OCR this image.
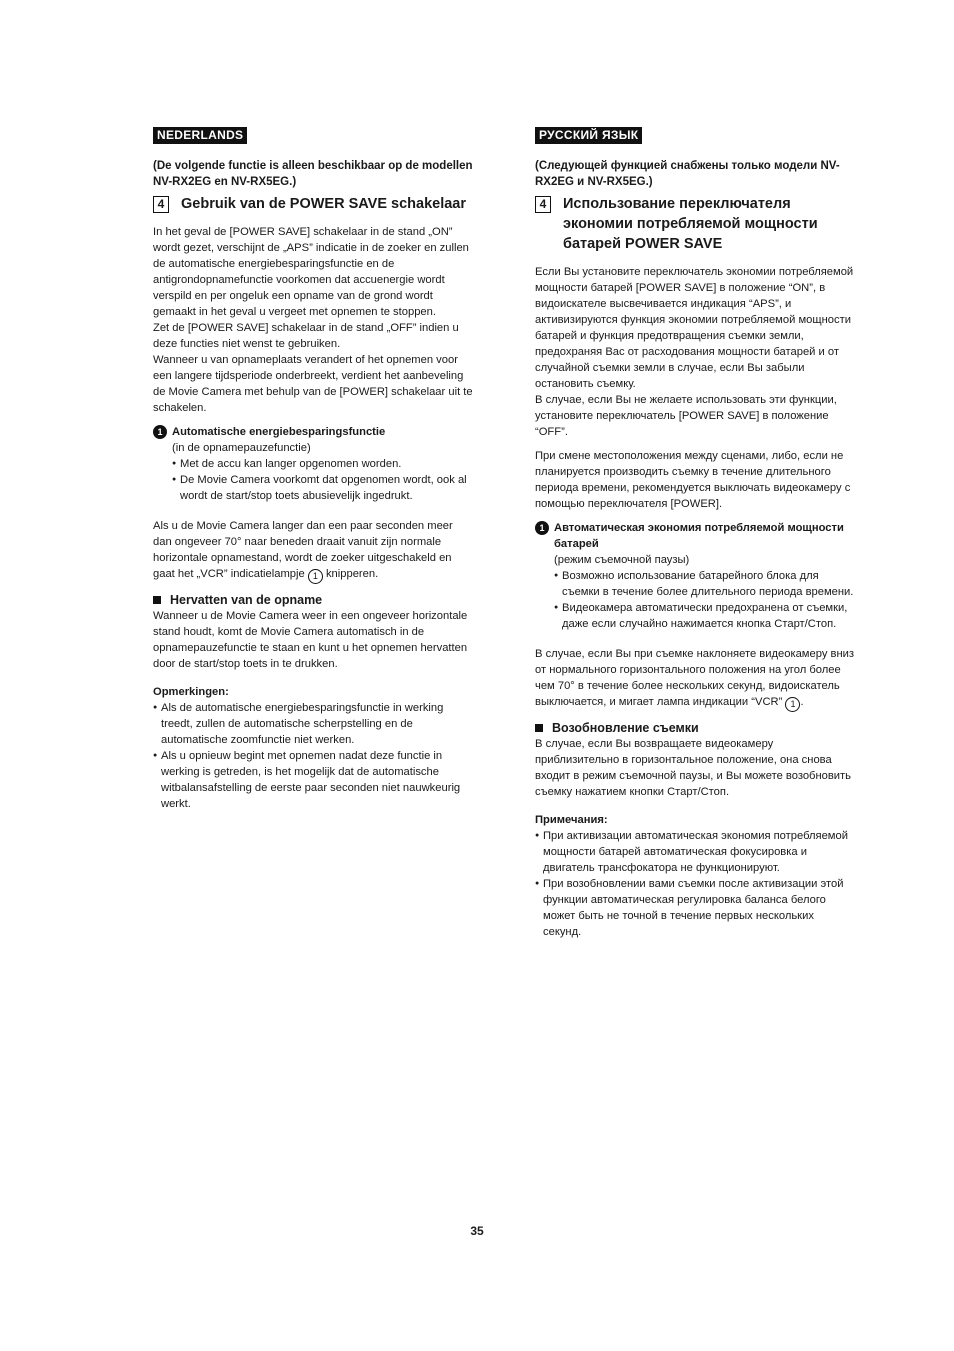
NEDERLANDS
(De volgende functie is alleen beschikbaar op de modellen NV-RX2EG en NV-RX5EG.)
4	Gebruik van de POWER SAVE schakelaar

In het geval de [POWER SAVE] schakelaar in de stand „ON” wordt gezet, verschijnt de „APS” indicatie in de zoeker en zullen de automatische energiebesparingsfunctie en de antigrondopnamefunctie voorkomen dat accuenergie wordt verspild en per ongeluk een opname van de grond wordt gemaakt in het geval u vergeet met opnemen te stoppen.

Zet de [POWER SAVE] schakelaar in de stand „OFF” indien u deze functies niet wenst te gebruiken.

Wanneer u van opnameplaats verandert of het opnemen voor een langere tijdsperiode onderbreekt, verdient het aanbeveling de Movie Camera met behulp van de [POWER] schakelaar uit te schakelen.

1 Automatische energiebesparingsfunctie
(in de opnamepauzefunctie)
● Met de accu kan langer opgenomen worden.
● De Movie Camera voorkomt dat opgenomen wordt, ook al wordt de start/stop toets abusievelijk ingedrukt.

Als u de Movie Camera langer dan een paar seconden meer dan ongeveer 70° naar beneden draait vanuit zijn normale horizontale opnamestand, wordt de zoeker uitgeschakeld en gaat het „VCR” indicatielampje 1 knipperen.

Hervatten van de opname

Wanneer u de Movie Camera weer in een ongeveer horizontale stand houdt, komt de Movie Camera automatisch in de opnamepauzefunctie te staan en kunt u het opnemen hervatten door de start/stop toets in te drukken.

Opmerkingen:
● Als de automatische energiebesparingsfunctie in werking treedt, zullen de automatische scherpstelling en de automatische zoomfunctie niet werken.
● Als u opnieuw begint met opnemen nadat deze functie in werking is getreden, is het mogelijk dat de automatische witbalansafstelling de eerste paar seconden niet nauwkeurig werkt.
РУССКИЙ ЯЗЫК
(Следующей функцией снабжены только модели NV-RX2EG и NV-RX5EG.)
4	Использование переключателя экономии потребляемой мощности батарей POWER SAVE

Если Вы установите переключатель экономии потребляемой мощности батарей [POWER SAVE] в положение “ON”, в видоискателе высвечивается индикация “APS”, и активизируются функция экономии потребляемой мощности батарей и функция предотвращения съемки земли, предохраняя Вас от расходования мощности батарей и от случайной съемки земли в случае, если Вы забыли остановить съемку.

В случае, если Вы не желаете использовать эти функции, установите переключатель [POWER SAVE] в положение “OFF”.

При смене местоположения между сценами, либо, если не планируется производить съемку в течение длительного периода времени, рекомендуется выключать видеокамеру с помощью переключателя [POWER].

1 Автоматическая экономия потребляемой мощности батарей
(режим съемочной паузы)
● Возможно использование батарейного блока для съемки в течение более длительного периода времени.
● Видеокамера автоматически предохранена от съемки, даже если случайно нажимается кнопка Старт/Стоп.

В случае, если Вы при съемке наклоняете видеокамеру вниз от нормального горизонтального положения на угол более чем 70° в течение более нескольких секунд, видоискатель выключается, и мигает лампа индикации “VCR” 1 .

Возобновление съемки

В случае, если Вы возвращаете видеокамеру приблизительно в горизонтальное положение, она снова входит в режим съемочной паузы, и Вы можете возобновить съемку нажатием кнопки Старт/Стоп.

Примечания:
● При активизации автоматическая экономия потребляемой мощности батарей автоматическая фокусировка и двигатель трансфокатора не функционируют.
● При возобновлении вами съемки после активизации этой функции автоматическая регулировка баланса белого может быть не точной в течение первых нескольких секунд.
35
